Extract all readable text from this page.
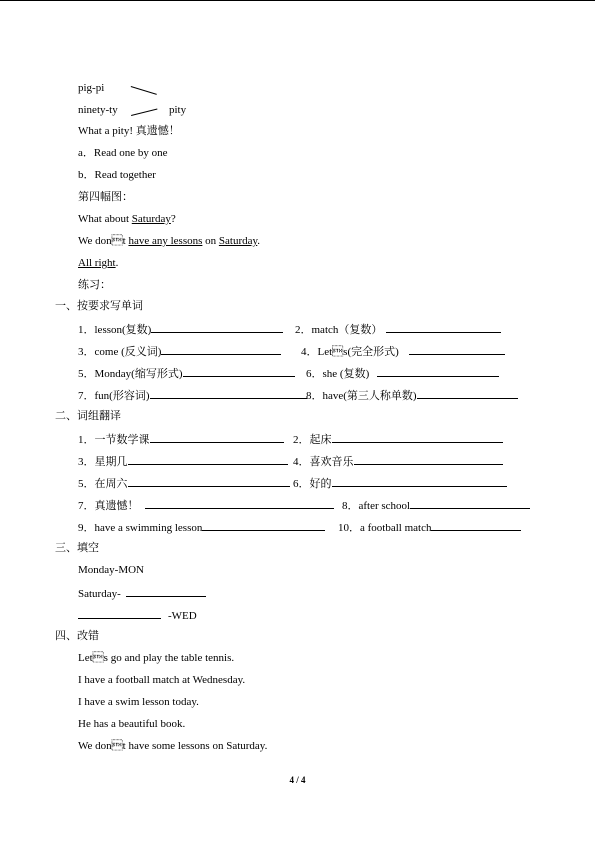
pig-pi
ninety-ty	pity
What a pity! 真遗憾！
a．Read one by one
b．Read together
第四幅图：
What about Saturday?
We dont have any lessons on Saturday.
All right.
练习：
一、按要求写单词
1．lesson(复数)	2．match（复数）
3．come (反义词)	4．Lets(完全形式)
5．Monday(缩写形式)	6．she (复数)
7．fun(形容词)	8．have(第三人称单数)
二、词组翻译
1．一节数学课	2．起床
3．星期几	4．喜欢音乐
5．在周六	6．好的
7．真遗憾！	8．after school
9．have a swimming lesson	10．a football match
三、填空
Monday-MON
Saturday-
-WED
四、改错
Lets go and play the table tennis.
I have a football match at Wednesday.
I have a swim lesson today.
He has a beautiful book.
We dont have some lessons on Saturday.
4 / 4
